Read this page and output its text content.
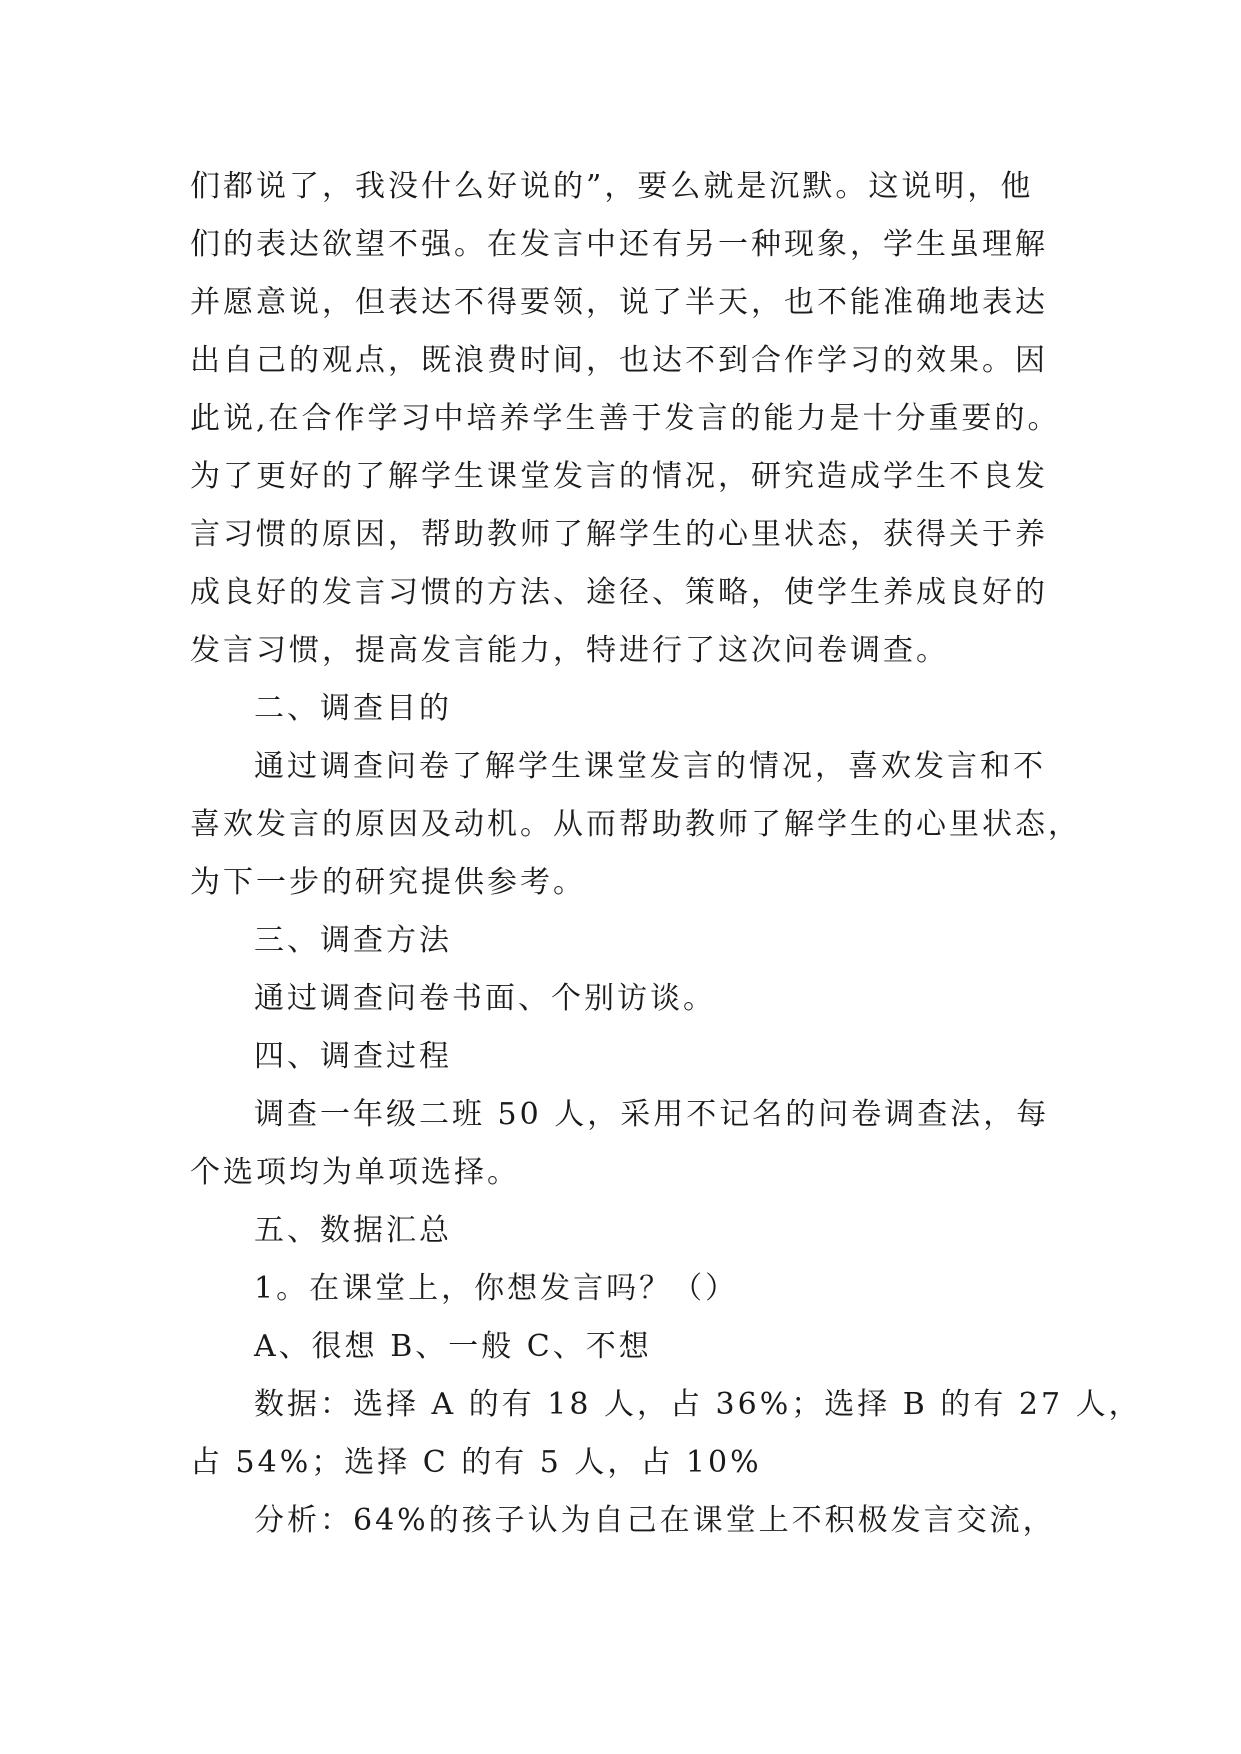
们都说了，我没什么好说的”，要么就是沉默。这说明，他
们的表达欲望不强。在发言中还有另一种现象，学生虽理解
并愿意说，但表达不得要领，说了半天，也不能准确地表达
出自己的观点，既浪费时间，也达不到合作学习的效果。因
此说,在合作学习中培养学生善于发言的能力是十分重要的。
为了更好的了解学生课堂发言的情况，研究造成学生不良发
言习惯的原因，帮助教师了解学生的心里状态，获得关于养
成良好的发言习惯的方法、途径、策略，使学生养成良好的
发言习惯，提高发言能力，特进行了这次问卷调查。
二、调查目的
通过调查问卷了解学生课堂发言的情况，喜欢发言和不
喜欢发言的原因及动机。从而帮助教师了解学生的心里状态，
为下一步的研究提供参考。
三、调查方法
通过调查问卷书面、个别访谈。
四、调查过程
调查一年级二班 50 人，采用不记名的问卷调查法，每
个选项均为单项选择。
五、数据汇总
1。在课堂上，你想发言吗？（）
A、很想 B、一般 C、不想
数据：选择 A 的有 18 人，占 36%；选择 B 的有 27 人，
占 54%；选择 C 的有 5 人，占 10%
分析：64%的孩子认为自己在课堂上不积极发言交流，
